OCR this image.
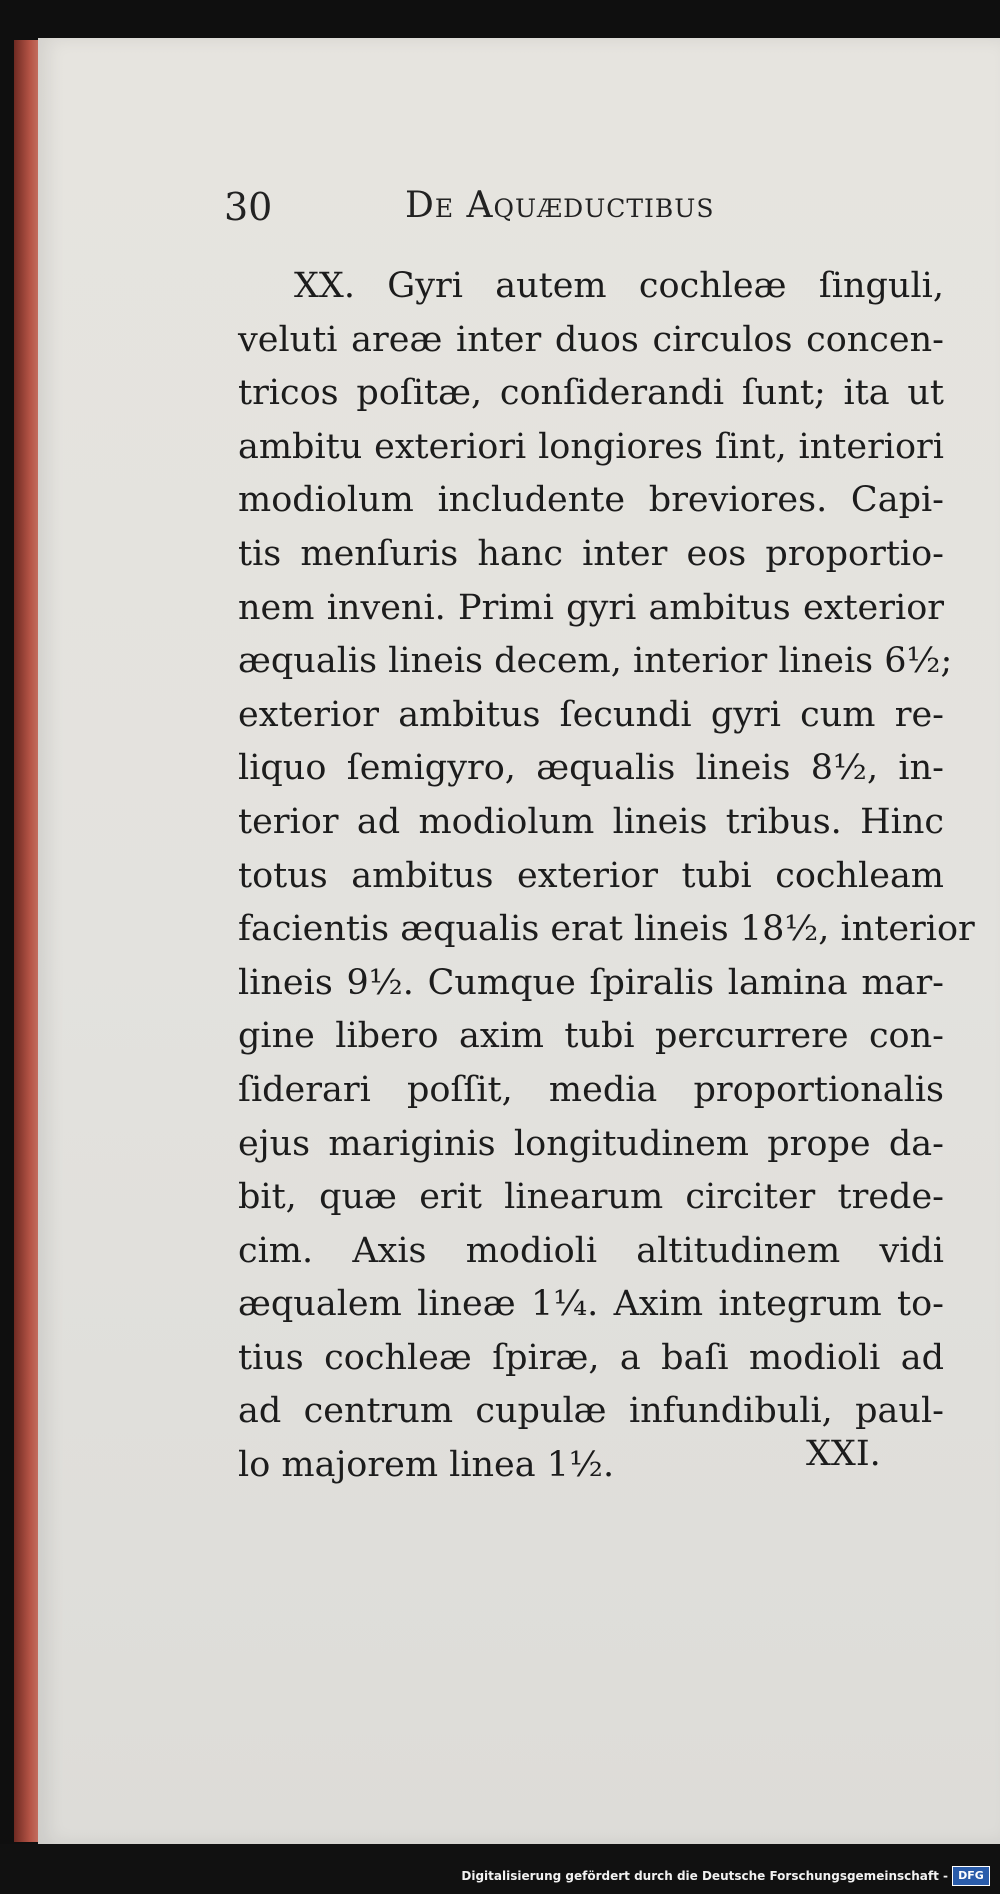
30	De Aquæductibus
XX. Gyri autem cochleæ ſinguli,
veluti areæ inter duos circulos concen-
tricos poſitæ, conſiderandi ſunt; ita ut
ambitu exteriori longiores ſint, interiori
modiolum includente breviores. Capi-
tis menſuris hanc inter eos proportio-
nem inveni. Primi gyri ambitus exterior
æqualis lineis decem, interior lineis 6½;
exterior ambitus ſecundi gyri cum re-
liquo ſemigyro, æqualis lineis 8½, in-
terior ad modiolum lineis tribus. Hinc
totus ambitus exterior tubi cochleam
facientis æqualis erat lineis 18½, interior
lineis 9½. Cumque ſpiralis lamina mar-
gine libero axim tubi percurrere con-
ſiderari poſſit, media proportionalis
ejus mariginis longitudinem prope da-
bit, quæ erit linearum circiter trede-
cim. Axis modioli altitudinem vidi
æqualem lineæ 1¼. Axim integrum to-
tius cochleæ ſpiræ, a baſi modioli ad
ad centrum cupulæ infundibuli, paul-
lo majorem linea 1½.	XXI.
Digitalisierung gefördert durch die Deutsche Forschungsgemeinschaft - DFG
